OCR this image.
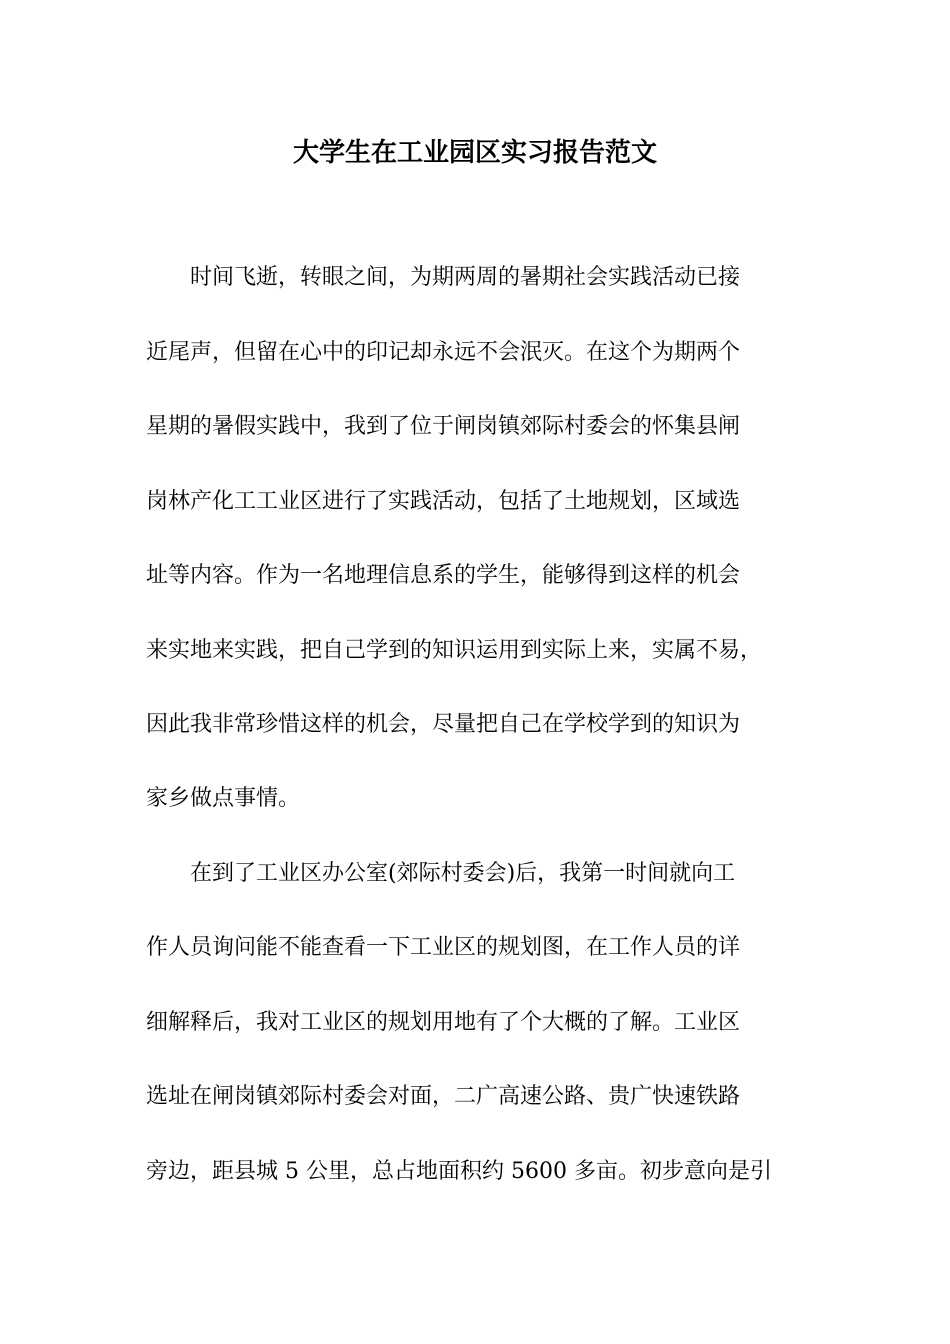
大学生在工业园区实习报告范文
　　时间飞逝，转眼之间，为期两周的暑期社会实践活动已接
近尾声，但留在心中的印记却永远不会泯灭。在这个为期两个
星期的暑假实践中，我到了位于闸岗镇郊际村委会的怀集县闸
岗林产化工工业区进行了实践活动，包括了土地规划，区域选
址等内容。作为一名地理信息系的学生，能够得到这样的机会
来实地来实践，把自己学到的知识运用到实际上来，实属不易，
因此我非常珍惜这样的机会，尽量把自己在学校学到的知识为
家乡做点事情。
　　在到了工业区办公室(郊际村委会)后，我第一时间就向工
作人员询问能不能查看一下工业区的规划图，在工作人员的详
细解释后，我对工业区的规划用地有了个大概的了解。工业区
选址在闸岗镇郊际村委会对面，二广高速公路、贵广快速铁路
旁边，距县城 5 公里，总占地面积约 5600 多亩。初步意向是引
